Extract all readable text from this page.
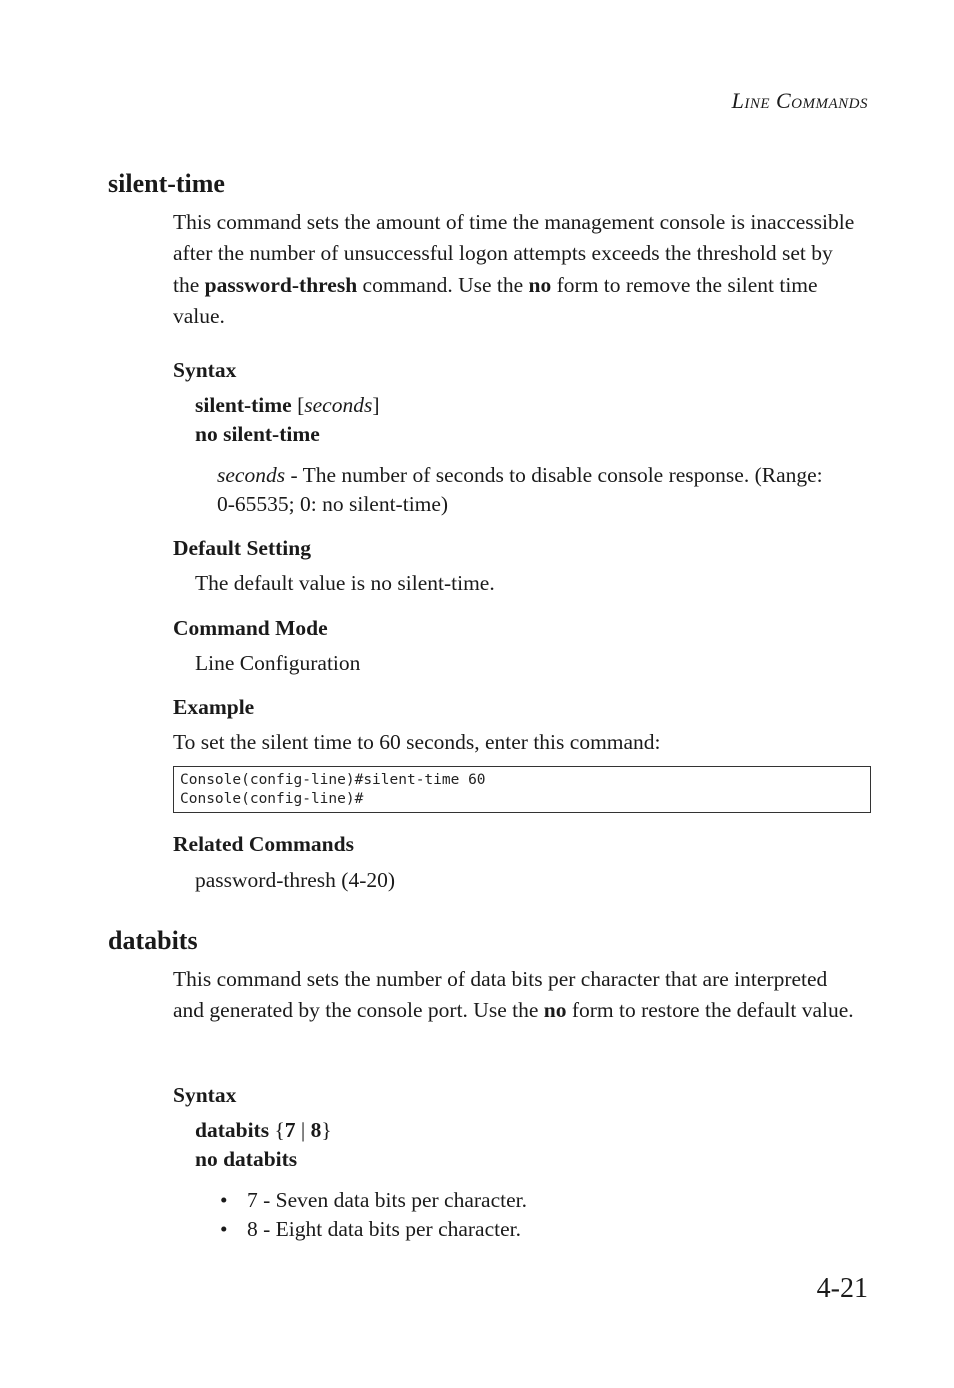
Line Commands
silent-time

This command sets the amount of time the management console is inaccessible after the number of unsuccessful logon attempts exceeds the threshold set by the password-thresh command. Use the no form to remove the silent time value.

Syntax
silent-time [seconds]
no silent-time
seconds - The number of seconds to disable console response. (Range: 0-65535; 0: no silent-time)
Default Setting
The default value is no silent-time.
Command Mode
Line Configuration
Example
To set the silent time to 60 seconds, enter this command:
Console(config-line)#silent-time 60
Console(config-line)#
Related Commands
password-thresh (4-20)
databits

This command sets the number of data bits per character that are interpreted and generated by the console port. Use the no form to restore the default value.

Syntax
databits {7 | 8}
no databits
• 7 - Seven data bits per character.
• 8 - Eight data bits per character.
4-21
